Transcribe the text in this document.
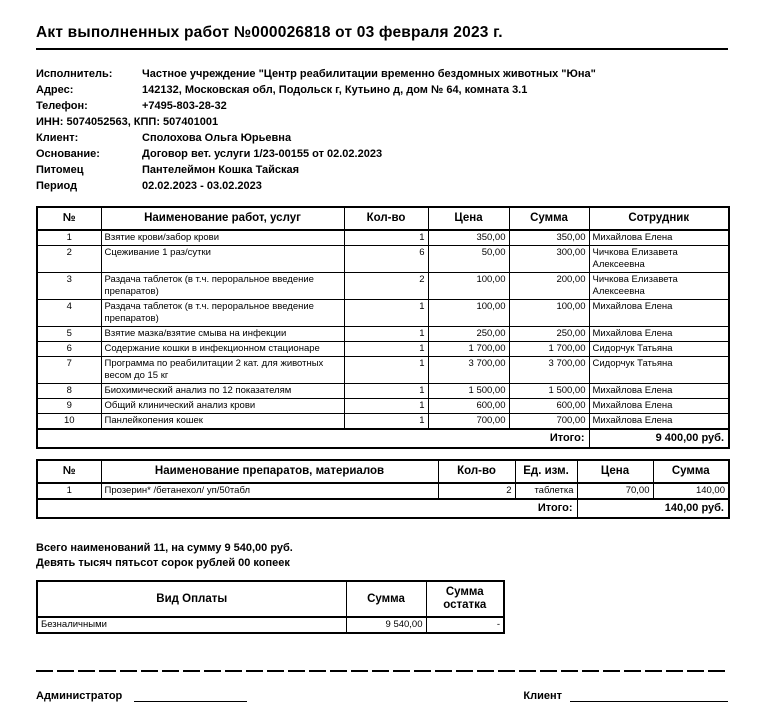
Акт выполненных работ №000026818 от 03 февраля 2023 г.
Исполнитель:	Частное учреждение "Центр реабилитации временно бездомных животных "Юна"
Адрес:	142132, Московская обл, Подольск г, Кутьино д, дом № 64, комната 3.1
Телефон:	+7495-803-28-32
ИНН: 5074052563, КПП: 507401001
Клиент:	Сполохова Ольга Юрьевна
Основание:	Договор вет. услуги 1/23-00155 от 02.02.2023
Питомец	Пантелеймон Кошка Тайская
Период	02.02.2023 - 03.02.2023
№	Наименование работ, услуг	Кол-во	Цена	Сумма	Сотрудник
1	Взятие крови/забор крови	1	350,00	350,00	Михайлова Елена
2	Сцеживание 1 раз/сутки	6	50,00	300,00	Чичкова Елизавета Алексеевна
3	Раздача таблеток (в т.ч. пероральное введение препаратов)	2	100,00	200,00	Чичкова Елизавета Алексеевна
4	Раздача таблеток (в т.ч. пероральное введение препаратов)	1	100,00	100,00	Михайлова Елена
5	Взятие мазка/взятие смыва на инфекции	1	250,00	250,00	Михайлова Елена
6	Содержание кошки в инфекционном стационаре	1	1 700,00	1 700,00	Сидорчук Татьяна
7	Программа по реабилитации 2 кат. для животных весом до 15 кг	1	3 700,00	3 700,00	Сидорчук Татьяна
8	Биохимический анализ по 12 показателям	1	1 500,00	1 500,00	Михайлова Елена
9	Общий клинический анализ крови	1	600,00	600,00	Михайлова Елена
10	Панлейкопения кошек	1	700,00	700,00	Михайлова Елена
Итого:					9 400,00 руб.
№	Наименование препаратов, материалов	Кол-во	Ед. изм.	Цена	Сумма
1	Прозерин* /бетанехол/ уп/50табл	2	таблетка	70,00	140,00
Итого:				140,00 руб.	
Всего наименований 11, на сумму 9 540,00 руб.
Девять тысяч пятьсот сорок рублей 00 копеек
Вид Оплаты	Сумма	Сумма остатка
Безналичными	9 540,00	-
Администратор	Клиент
